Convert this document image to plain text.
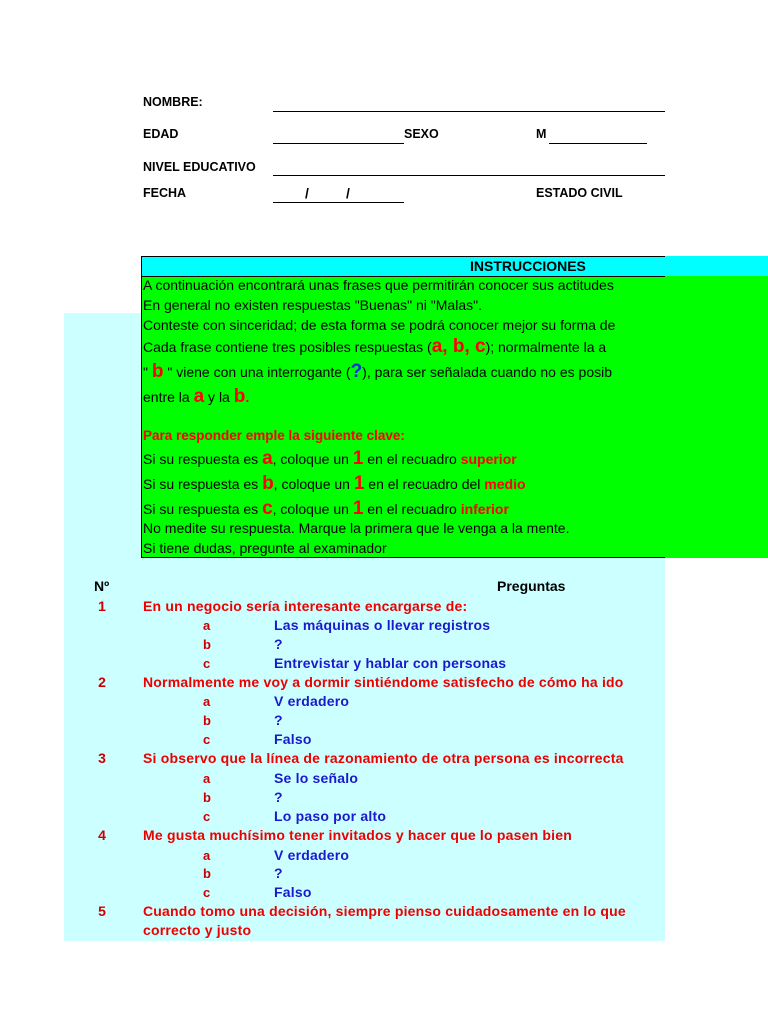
NOMBRE:
EDAD	SEXO	M
NIVEL EDUCATIVO
FECHA	/	/	ESTADO CIVIL
INSTRUCCIONES
A continuación encontrará unas frases que permitirán conocer sus actitudes
En general no existen respuestas "Buenas" ni "Malas".
Conteste con sinceridad; de esta forma se podrá conocer mejor su forma de
Cada frase contiene tres posibles respuestas (a, b, c); normalmente la a
" b " viene con una interrogante (?), para ser señalada cuando no es posib
entre la a y la b.
Para responder emple la siguiente clave:
Si su respuesta es a, coloque un 1 en el recuadro superior
Si su respuesta es b, coloque un 1 en el recuadro del medio
Si su respuesta es c, coloque un 1 en el recuadro inferior
No medite su respuesta. Marque la primera que le venga a la mente.
Si tiene dudas, pregunte al examinador
Nº	Preguntas
1	En un negocio sería interesante encargarse de:
a	Las máquinas o llevar registros
b	?
c	Entrevistar y hablar con personas
2	Normalmente me voy a dormir sintiéndome satisfecho de cómo ha ido
a	V erdadero
b	?
c	Falso
3	Si observo que la línea de razonamiento de otra persona es incorrecta
a	Se lo señalo
b	?
c	Lo paso por alto
4	Me gusta muchísimo tener invitados y hacer que lo pasen bien
a	V erdadero
b	?
c	Falso
5	Cuando tomo una decisión, siempre pienso cuidadosamente en lo que
correcto y justo
